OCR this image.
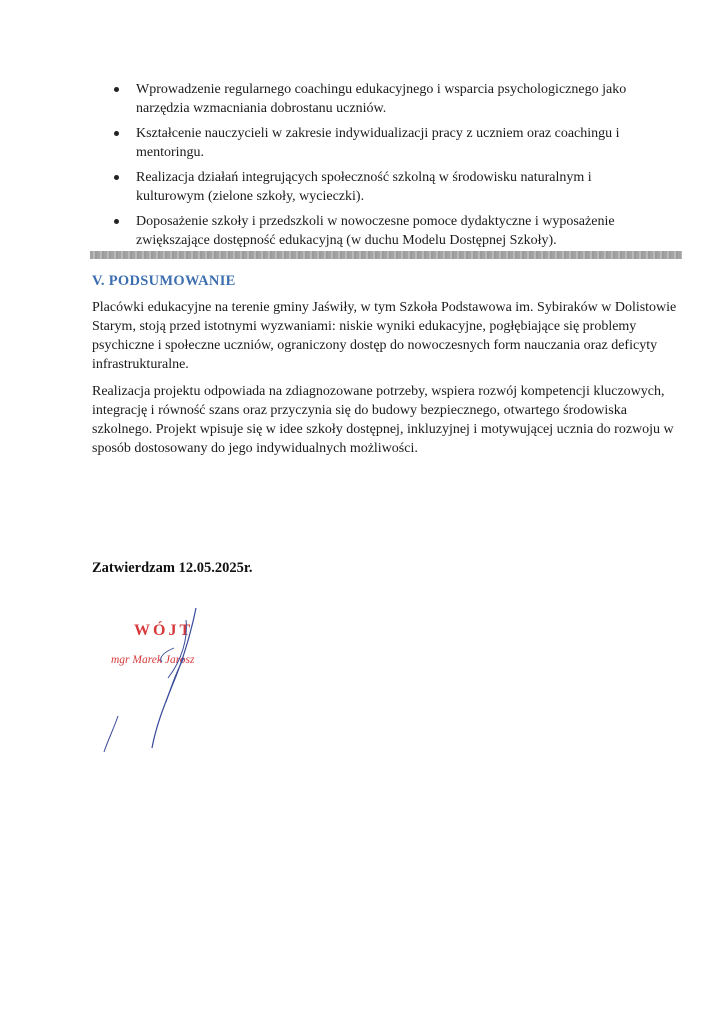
Wprowadzenie regularnego coachingu edukacyjnego i wsparcia psychologicznego jako narzędzia wzmacniania dobrostanu uczniów.
Kształcenie nauczycieli w zakresie indywidualizacji pracy z uczniem oraz coachingu i mentoringu.
Realizacja działań integrujących społeczność szkolną w środowisku naturalnym i kulturowym (zielone szkoły, wycieczki).
Doposażenie szkoły i przedszkoli w nowoczesne pomoce dydaktyczne i wyposażenie zwiększające dostępność edukacyjną (w duchu Modelu Dostępnej Szkoły).
V. PODSUMOWANIE

Placówki edukacyjne na terenie gminy Jaświły, w tym Szkoła Podstawowa im. Sybiraków w Dolistowie Starym, stoją przed istotnymi wyzwaniami: niskie wyniki edukacyjne, pogłębiające się problemy psychiczne i społeczne uczniów, ograniczony dostęp do nowoczesnych form nauczania oraz deficyty infrastrukturalne.

Realizacja projektu odpowiada na zdiagnozowane potrzeby, wspiera rozwój kompetencji kluczowych, integrację i równość szans oraz przyczynia się do budowy bezpiecznego, otwartego środowiska szkolnego. Projekt wpisuje się w idee szkoły dostępnej, inkluzyjnej i motywującej ucznia do rozwoju w sposób dostosowany do jego indywidualnych możliwości.

Zatwierdzam 12.05.2025r.

WÓJT
mgr Marek Jarosz
